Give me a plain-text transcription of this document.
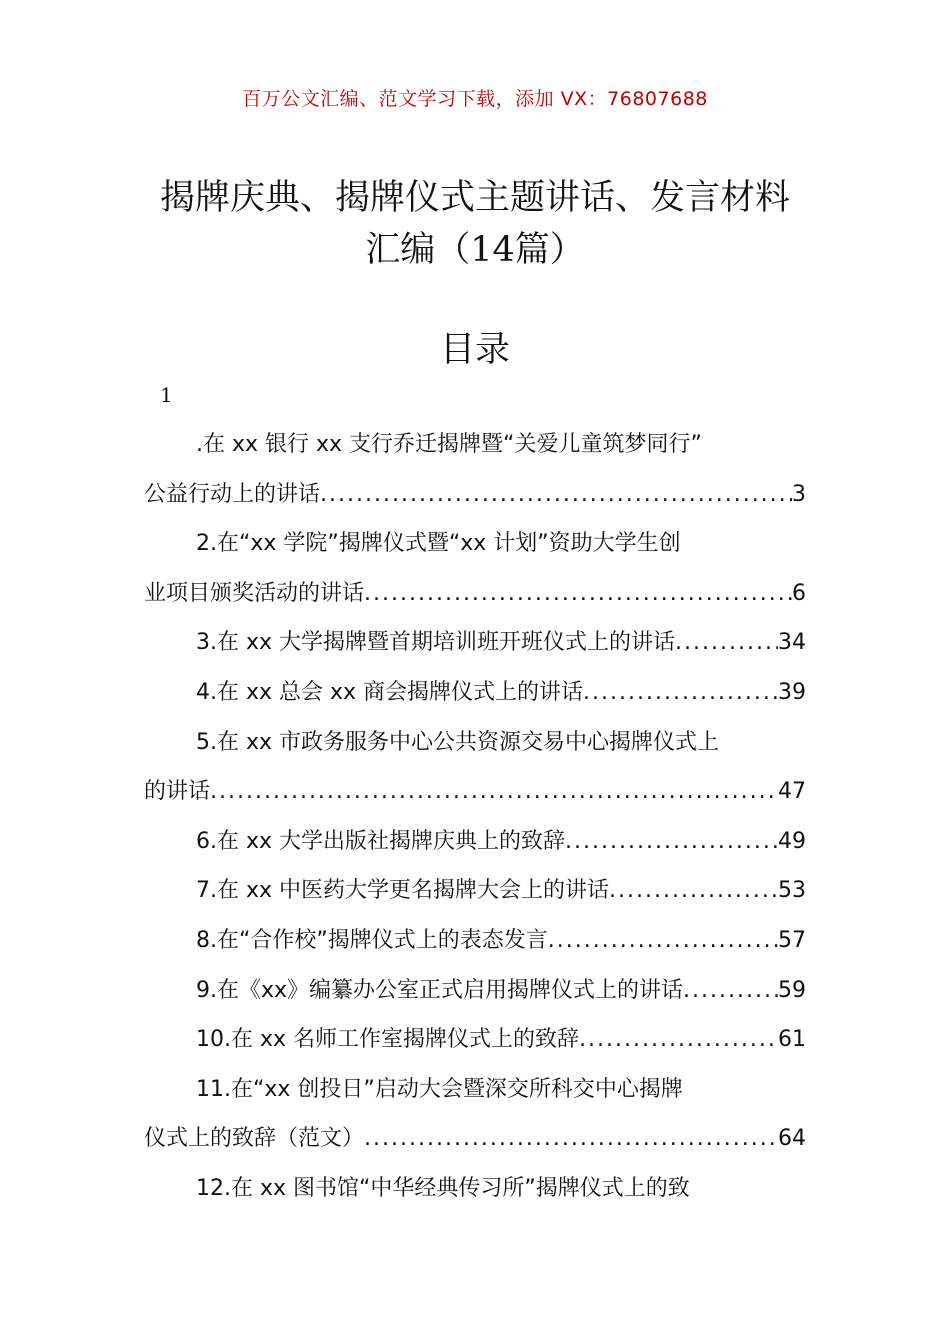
百万公文汇编、范文学习下载，添加 VX：76807688
揭牌庆典、揭牌仪式主题讲话、发言材料
汇编（14篇）
目录
1
.在 xx 银行 xx 支行乔迁揭牌暨“关爱儿童筑梦同行”
公益行动上的讲话 .....	3
2.在“xx 学院”揭牌仪式暨“xx 计划”资助大学生创
业项目颁奖活动的讲话 .....	6
3.在 xx 大学揭牌暨首期培训班开班仪式上的讲话 .....	34
4.在 xx 总会 xx 商会揭牌仪式上的讲话 .....	39
5.在 xx 市政务服务中心公共资源交易中心揭牌仪式上
的讲话 .....	47
6.在 xx 大学出版社揭牌庆典上的致辞 .....	49
7.在 xx 中医药大学更名揭牌大会上的讲话 .....	53
8.在“合作校”揭牌仪式上的表态发言 .....	57
9.在《xx》编纂办公室正式启用揭牌仪式上的讲话 .....	59
10.在 xx 名师工作室揭牌仪式上的致辞 .....	61
11.在“xx 创投日”启动大会暨深交所科交中心揭牌
仪式上的致辞（范文） .....	64
12.在 xx 图书馆“中华经典传习所”揭牌仪式上的致
